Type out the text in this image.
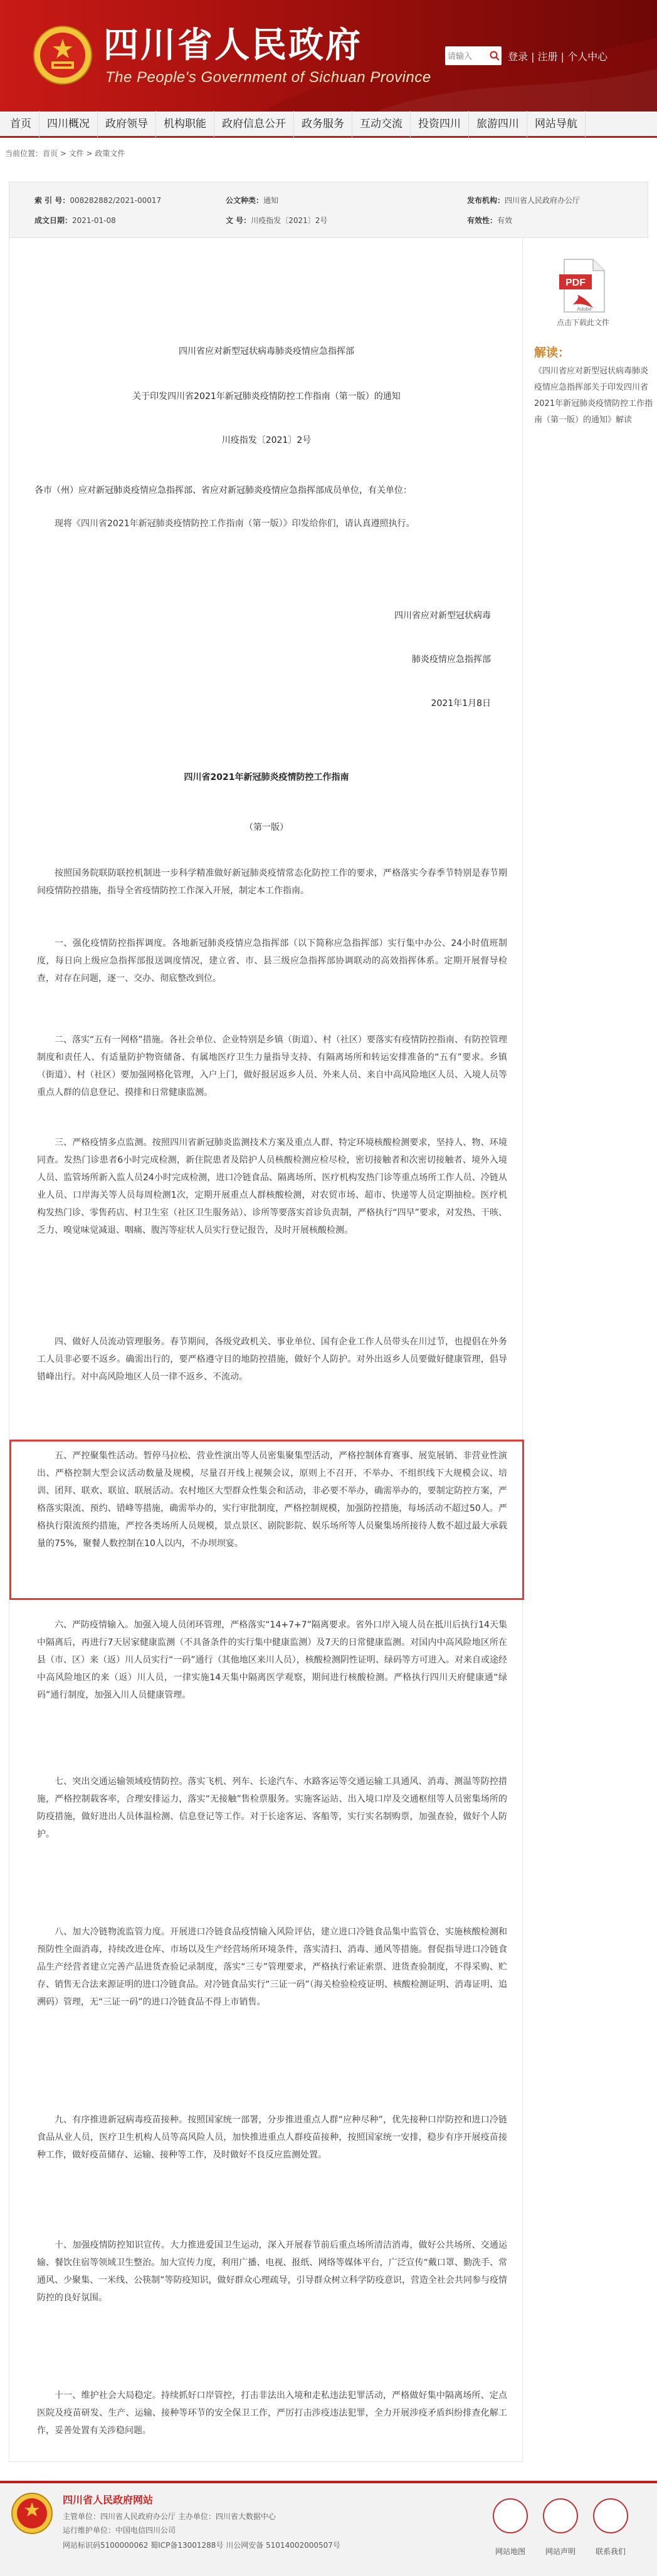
四川省人民政府
The People's Government of Sichuan Province
请输入
登录 | 注册 | 个人中心
首页	四川概况	政府领导	机构职能	政府信息公开	政务服务	互动交流	投资四川	旅游四川	网站导航
当前位置：首页 > 文件 > 政策文件
索 引 号：008282882/2021-00017	公文种类：通知	发布机构：四川省人民政府办公厅
成文日期：2021-01-08	文 号：川疫指发〔2021〕2号	有效性：有效
四川省应对新型冠状病毒肺炎疫情应急指挥部
关于印发四川省2021年新冠肺炎疫情防控工作指南（第一版）的通知
川疫指发〔2021〕2号
各市（州）应对新冠肺炎疫情应急指挥部、省应对新冠肺炎疫情应急指挥部成员单位，有关单位：
现将《四川省2021年新冠肺炎疫情防控工作指南（第一版）》印发给你们，请认真遵照执行。
四川省应对新型冠状病毒
肺炎疫情应急指挥部
2021年1月8日
四川省2021年新冠肺炎疫情防控工作指南
（第一版）
按照国务院联防联控机制进一步科学精准做好新冠肺炎疫情常态化防控工作的要求，严格落实今春季节特别是春节期间疫情防控措施，指导全省疫情防控工作深入开展，制定本工作指南。
一、强化疫情防控指挥调度。各地新冠肺炎疫情应急指挥部（以下简称应急指挥部）实行集中办公、24小时值班制度，每日向上级应急指挥部报送调度情况，建立省、市、县三级应急指挥部协调联动的高效指挥体系。定期开展督导检查，对存在问题，逐一、交办、彻底整改到位。
二、落实“五有一网格”措施。各社会单位、企业特别是乡镇（街道）、村（社区）要落实有疫情防控指南、有防控管理制度和责任人、有适量防护物资储备、有属地医疗卫生力量指导支持、有隔离场所和转运安排准备的“五有”要求。乡镇（街道）、村（社区）要加强网格化管理，入户上门，做好报居返乡人员、外来人员、来自中高风险地区人员、入境人员等重点人群的信息登记、摸排和日常健康监测。
三、严格疫情多点监测。按照四川省新冠肺炎监测技术方案及重点人群、特定环境核酸检测要求，坚持人、物、环境同查。发热门诊患者6小时完成检测，新住院患者及陪护人员核酸检测应检尽检，密切接触者和次密切接触者、境外入境人员、监管场所新入监人员24小时完成检测，进口冷链食品、隔离场所、医疗机构发热门诊等重点场所工作人员、冷链从业人员、口岸海关等人员每周检测1次，定期开展重点人群核酸检测，对农贸市场、超市、快递等人员定期抽检。医疗机构发热门诊、零售药店、村卫生室（社区卫生服务站）、诊所等要落实首诊负责制，严格执行“四早”要求，对发热、干咳、乏力、嗅觉味觉减退、咽痛、腹泻等症状人员实行登记报告，及时开展核酸检测。
四、做好人员流动管理服务。春节期间，各级党政机关、事业单位、国有企业工作人员带头在川过节，也提倡在外务工人员非必要不返乡。确需出行的，要严格遵守目的地防控措施，做好个人防护。对外出返乡人员要做好健康管理，倡导错峰出行。对中高风险地区人员一律不返乡、不流动。
五、严控聚集性活动。暂停马拉松、营业性演出等人员密集聚集型活动，严格控制体育赛事、展览展销、非营业性演出、严格控制大型会议活动数量及规模，尽量召开线上视频会议，原则上不召开、不举办、不组织线下大规模会议、培训、团拜、联欢、联谊、联展活动。农村地区大型群众性集会和活动，非必要不举办，确需举办的，要制定防控方案，严格落实限流、预约、错峰等措施，确需举办的，实行审批制度，严格控制规模，加强防控措施，每场活动不超过50人。严格执行限流预约措施，严控各类场所人员规模，景点景区、剧院影院、娱乐场所等人员聚集场所接待人数不超过最大承载量的75%，聚餐人数控制在10人以内，不办坝坝宴。
六、严防疫情输入。加强入境人员闭环管理，严格落实“14+7+7”隔离要求。省外口岸入境人员在抵川后执行14天集中隔离后，再进行7天居家健康监测（不具备条件的实行集中健康监测）及7天的日常健康监测。对国内中高风险地区所在县（市、区）来（返）川人员实行“一码”通行（其他地区来川人员），核酸检测阴性证明、绿码等方可进入。对来自或途经中高风险地区的来（返）川人员，一律实施14天集中隔离医学观察，期间进行核酸检测。严格执行四川天府健康通“绿码”通行制度，加强入川人员健康管理。
七、突出交通运输领域疫情防控。落实飞机、列车、长途汽车、水路客运等交通运输工具通风、消毒、测温等防控措施，严格控制载客率，合理安排运力，落实“无接触”售检票服务。实施客运站、出入境口岸及交通枢纽等人员密集场所的防疫措施，做好进出人员体温检测、信息登记等工作。对于长途客运、客船等，实行实名制购票，加强查验，做好个人防护。
八、加大冷链物流监管力度。开展进口冷链食品疫情输入风险评估，建立进口冷链食品集中监管仓，实施核酸检测和预防性全面消毒，持续改进仓库、市场以及生产经营场所环境条件，落实清扫、消毒、通风等措施。督促指导进口冷链食品生产经营者建立完善产品进货查验记录制度，落实“三专”管理要求，严格执行索证索票、进货查验制度，不得采购、贮存、销售无合法来源证明的进口冷链食品。对冷链食品实行“三证一码”（海关检验检疫证明、核酸检测证明、消毒证明、追溯码）管理，无“三证一码”的进口冷链食品不得上市销售。
九、有序推进新冠病毒疫苗接种。按照国家统一部署，分步推进重点人群“应种尽种”，优先接种口岸防控和进口冷链食品从业人员，医疗卫生机构人员等高风险人员，加快推进重点人群疫苗接种，按照国家统一安排，稳步有序开展疫苗接种工作，做好疫苗储存、运输、接种等工作，及时做好不良反应监测处置。
十、加强疫情防控知识宣传。大力推进爱国卫生运动，深入开展春节前后重点场所清洁消毒，做好公共场所、交通运输、餐饮住宿等领域卫生整治。加大宣传力度，利用广播、电视、报纸、网络等媒体平台，广泛宣传“戴口罩、勤洗手、常通风、少聚集、一米线、公筷制”等防疫知识，做好群众心理疏导，引导群众树立科学防疫意识，营造全社会共同参与疫情防控的良好氛围。
十一、维护社会大局稳定。持续抓好口岸管控，打击非法出入境和走私违法犯罪活动，严格做好集中隔离场所、定点医院及疫苗研发、生产、运输、接种等环节的安全保卫工作，严厉打击涉疫违法犯罪，全力开展涉疫矛盾纠纷排查化解工作，妥善处置有关涉稳问题。
PDF
Adobe
点击下载此文件
解读：
《四川省应对新型冠状病毒肺炎疫情应急指挥部关于印发四川省2021年新冠肺炎疫情防控工作指南（第一版）的通知》解读
四川省人民政府网站
主管单位：四川省人民政府办公厅 主办单位：四川省大数据中心
运行维护单位：中国电信四川公司
网站标识码5100000062 蜀ICP备13001288号 川公网安备 51014002000507号
网站地图	网站声明	联系我们
